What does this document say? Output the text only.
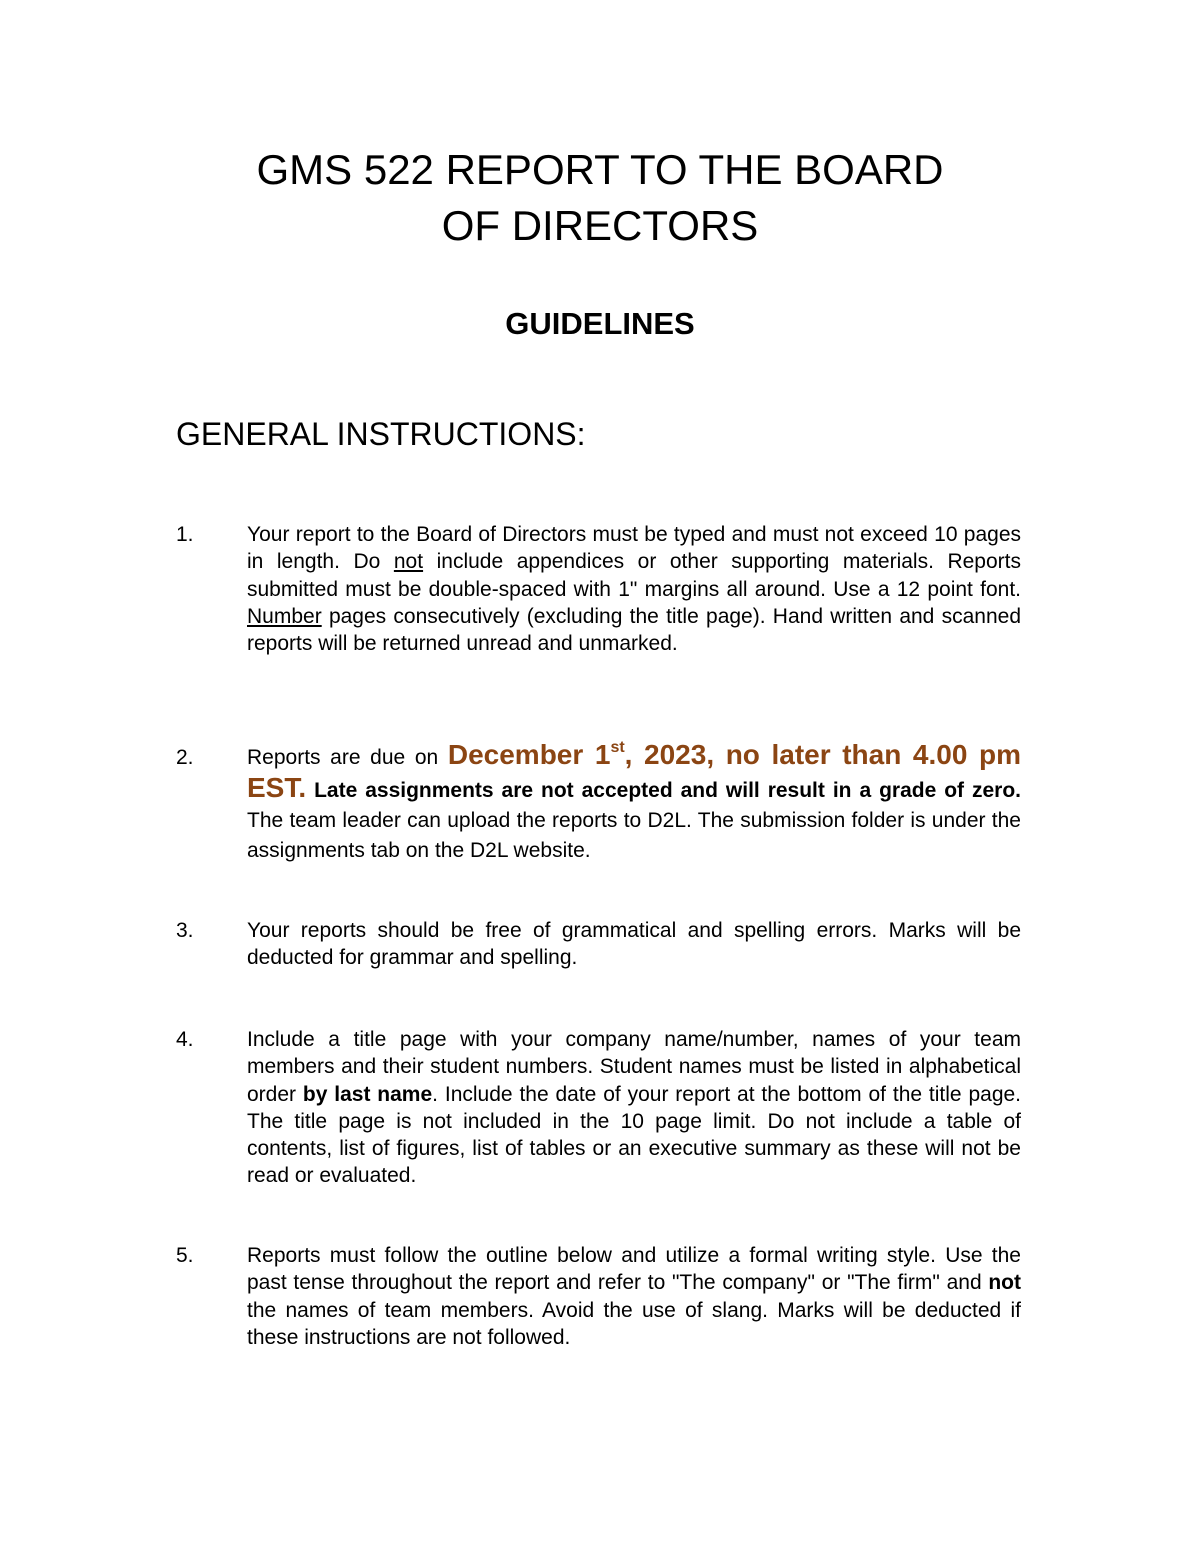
GMS 522 REPORT TO THE BOARD
OF DIRECTORS
GUIDELINES
GENERAL INSTRUCTIONS:
1.	Your report to the Board of Directors must be typed and must not exceed 10 pages in length. Do not include appendices or other supporting materials. Reports submitted must be double-spaced with 1" margins all around. Use a 12 point font. Number pages consecutively (excluding the title page). Hand written and scanned reports will be returned unread and unmarked.

2.	Reports are due on December 1st, 2023, no later than 4.00 pm EST. Late assignments are not accepted and will result in a grade of zero. The team leader can upload the reports to D2L. The submission folder is under the assignments tab on the D2L website.

3.	Your reports should be free of grammatical and spelling errors. Marks will be deducted for grammar and spelling.

4.	Include a title page with your company name/number, names of your team members and their student numbers. Student names must be listed in alphabetical order by last name. Include the date of your report at the bottom of the title page. The title page is not included in the 10 page limit. Do not include a table of contents, list of figures, list of tables or an executive summary as these will not be read or evaluated.

5.	Reports must follow the outline below and utilize a formal writing style. Use the past tense throughout the report and refer to "The company" or "The firm" and not the names of team members. Avoid the use of slang. Marks will be deducted if these instructions are not followed.
